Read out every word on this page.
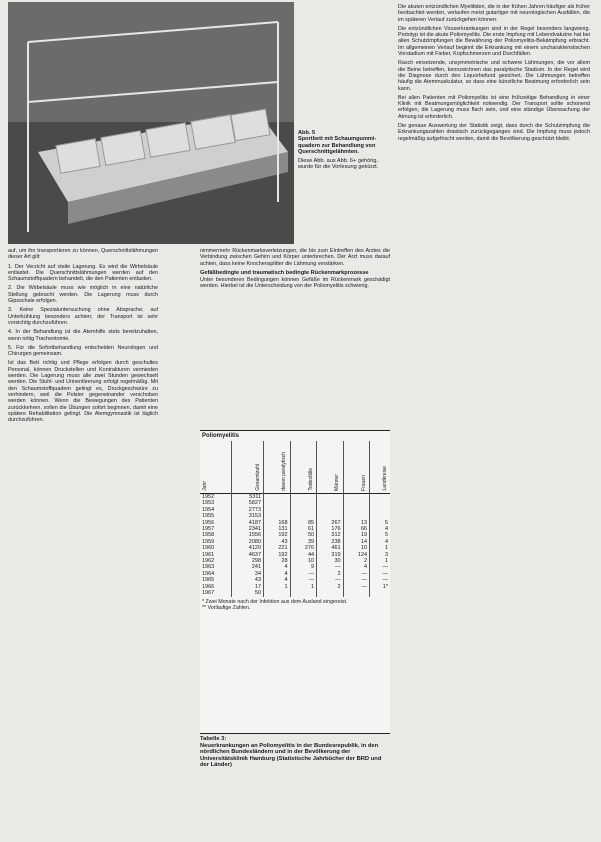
Abb. 5
Sportbett mit Schaumgummi-quadern zur Behandlung von Querschnittgelähmten.
Diese Abb. aus Abb. 6+ gehörig, wurde für die Vorlesung gekürzt.

auf, um ihn transportieren zu können, Querschnittslähmungen dieser Art gilt:

1. Der Verzicht auf steile Lagerung. Es wird die Wirbelsäule entlastet. Die Querschnittslähmungen werden auf den Schaumstoffquadern behandelt, die den Patienten entlasten.

2. Die Wirbelsäule muss wie möglich in eine natürliche Stellung gebracht werden. Die Lagerung muss durch Gipsschale erfolgen.

3. Keine Spezialuntersuchung ohne Absprache; auf Unterkühlung besonders achten; der Transport ist sehr vorsichtig durchzuführen.

4. In der Behandlung ist die Atemhilfe stets bereitzuhalten, wenn nötig Tracheotomie.

5. Für die Sofortbehandlung entscheiden Neurologen und Chirurgen gemeinsam.

Ist das Bett richtig und Pflege erfolgen durch geschultes Personal, können Druckstellen und Kontrakturen vermieden werden. Die Lagerung muss alle zwei Stunden gewechselt werden. Die Stuhl- und Urinentleerung erfolgt regelmäßig. Mit den Schaumstoffquadern gelingt es, Druckgeschwüre zu verhindern, weil die Polster gegeneinander verschoben werden können. Wenn die Bewegungen des Patienten zurückkehren, sollen die Übungen sofort beginnen, damit eine spätere Rehabilitation gelingt. Die Atemgymnastik ist täglich durchzuführen.

nimmermehr Rückenmarksverletzungen, die bis zum Eintreffen des Arztes die Verbindung zwischen Gehirn und Körper unterbrechen. Der Arzt muss darauf achten, dass keine Knochensplitter die Lähmung verstärken.

Gefäßbedingte und traumatisch bedingte Rückenmarkprozesse

Unter besonderen Bedingungen können Gefäße im Rückenmark geschädigt werden. Hierbei ist die Unterscheidung von der Poliomyelitis schwierig.

Poliomyelitis
Jahr	Gesamtzahl	davon paralytisch	Todesfälle	Männer	Frauen	Landkreise
1952	5311					
1953	5827					
1954	2773					
1955	3153					
1956	4187	168	85	267	13	5
1957	2341	131	61	176	66	4
1958	1556	192	50	312	19	5
1959	2080	43	39	238	14	4
1960	4120	221	276	461	10	1
1961	4637	192	44	319	124	3
1962	298	28	10	30	2	1
1963	241	4	9	—	4	—
1964	34	4	—	2	—	—
1965	43	4	—	—	—	—
1966	17	1	1	2	—	1*
1967	50					
* Zwei Monate nach der Infektion aus dem Ausland eingereist.
** Vorläufige Zahlen.
Tabelle 3:
Neuerkrankungen an Poliomyelitis in der Bundesrepublik, in den nördlichen Bundesländern und in der Bevölkerung der Universitätsklinik Hamburg (Statistische Jahrbücher der BRD und der Länder)

Die akuten entzündlichen Myelitiden, die in der frühen Jahren häufiger als früher beobachtet werden, verlaufen meist gutartiger mit neurologischen Ausfällen, die im späteren Verlauf zurückgehen können.

Die entzündlichen Viruserkrankungen sind in der Regel besonders langwierig. Prototyp ist die akute Poliomyelitis. Die erste Impfung mit Lebendvakzine hat bei allen Schutzimpfungen die Bewährung der Poliomyelitis-Bekämpfung erbracht. Im allgemeinen Verlauf beginnt die Erkrankung mit einem uncharakteristischen Vorstadium mit Fieber, Kopfschmerzen und Durchfällen.

Rasch einsetzende, unsymmetrische und schwere Lähmungen, die vor allem die Beine betreffen, kennzeichnen das paralytische Stadium. In der Regel wird die Diagnose durch den Liquorbefund gesichert. Die Lähmungen betreffen häufig die Atemmuskulatur, so dass eine künstliche Beatmung erforderlich sein kann.

Bei allen Patienten mit Poliomyelitis ist eine frühzeitige Behandlung in einer Klinik mit Beatmungsmöglichkeit notwendig. Der Transport sollte schonend erfolgen, die Lagerung muss flach sein, und eine ständige Überwachung der Atmung ist erforderlich.

Die genaue Auswertung der Statistik zeigt, dass durch die Schutzimpfung die Erkrankungszahlen drastisch zurückgegangen sind. Die Impfung muss jedoch regelmäßig aufgefrischt werden, damit die Bevölkerung geschützt bleibt.
